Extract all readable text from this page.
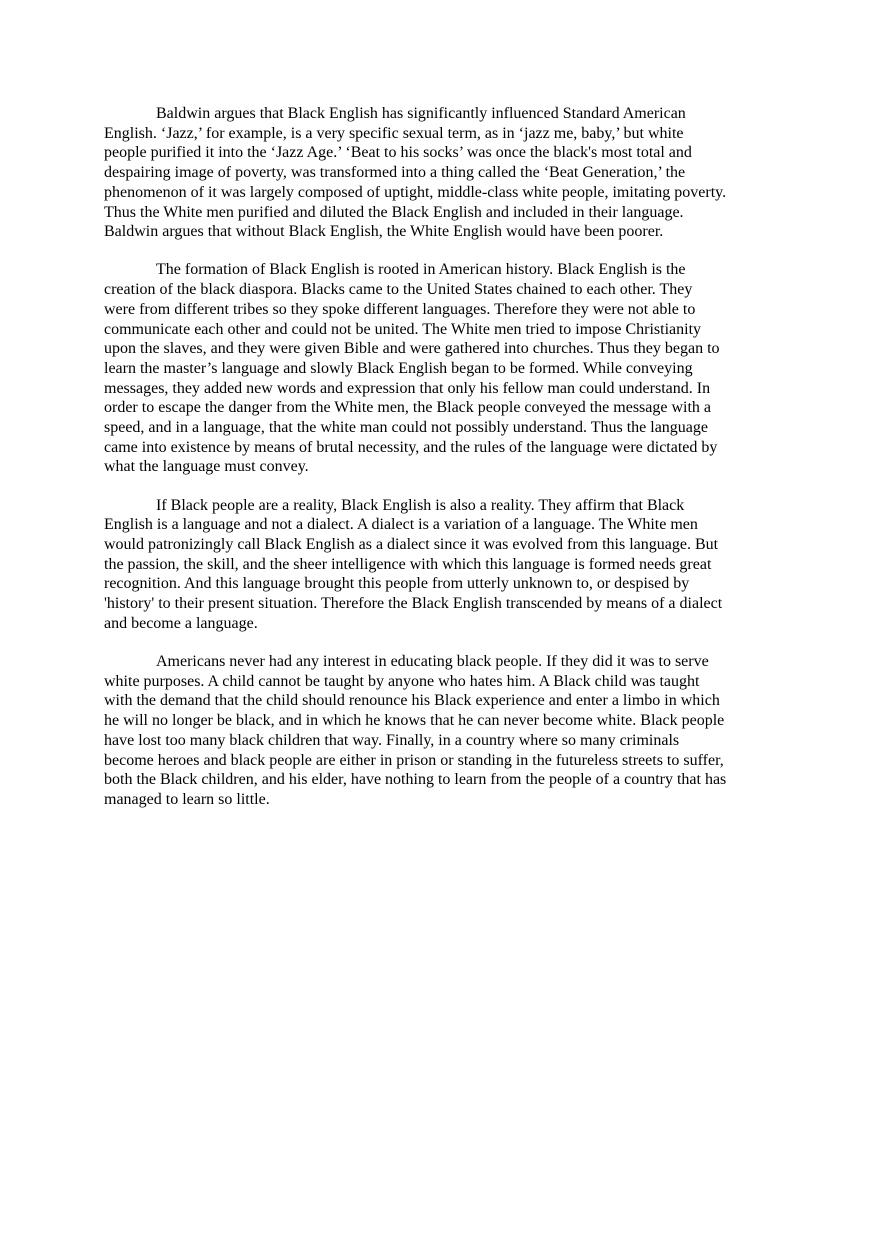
Baldwin argues that Black English has significantly influenced Standard American
English. ‘Jazz,’ for example, is a very specific sexual term, as in ‘jazz me, baby,’ but white
people purified it into the ‘Jazz Age.’ ‘Beat to his socks’ was once the black's most total and
despairing image of poverty, was transformed into a thing called the ‘Beat Generation,’ the
phenomenon of it was largely composed of uptight, middle-class white people, imitating poverty.
Thus the White men purified and diluted the Black English and included in their language.
Baldwin argues that without Black English, the White English would have been poorer.

The formation of Black English is rooted in American history. Black English is the
creation of the black diaspora. Blacks came to the United States chained to each other. They
were from different tribes so they spoke different languages. Therefore they were not able to
communicate each other and could not be united. The White men tried to impose Christianity
upon the slaves, and they were given Bible and were gathered into churches. Thus they began to
learn the master’s language and slowly Black English began to be formed. While conveying
messages, they added new words and expression that only his fellow man could understand. In
order to escape the danger from the White men, the Black people conveyed the message with a
speed, and in a language, that the white man could not possibly understand. Thus the language
came into existence by means of brutal necessity, and the rules of the language were dictated by
what the language must convey.

If Black people are a reality, Black English is also a reality. They affirm that Black
English is a language and not a dialect. A dialect is a variation of a language. The White men
would patronizingly call Black English as a dialect since it was evolved from this language. But
the passion, the skill, and the sheer intelligence with which this language is formed needs great
recognition. And this language brought this people from utterly unknown to, or despised by
'history' to their present situation. Therefore the Black English transcended by means of a dialect
and become a language.

Americans never had any interest in educating black people. If they did it was to serve
white purposes. A child cannot be taught by anyone who hates him. A Black child was taught
with the demand that the child should renounce his Black experience and enter a limbo in which
he will no longer be black, and in which he knows that he can never become white. Black people
have lost too many black children that way. Finally, in a country where so many criminals
become heroes and black people are either in prison or standing in the futureless streets to suffer,
both the Black children, and his elder, have nothing to learn from the people of a country that has
managed to learn so little.
